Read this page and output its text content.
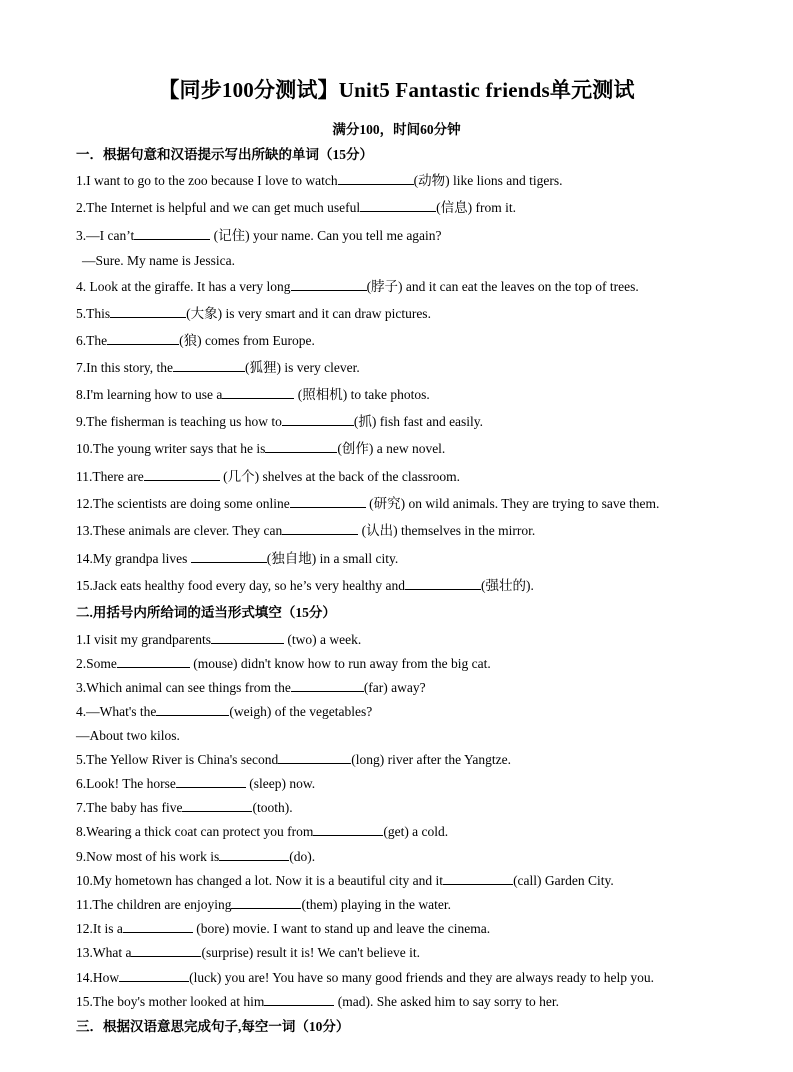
【同步100分测试】Unit5 Fantastic friends单元测试
满分100，时间60分钟
一．根据句意和汉语提示写出所缺的单词（15分）
1.I want to go to the zoo because I love to watch	(动物) like lions and tigers.
2.The Internet is helpful and we can get much useful	(信息) from it.
3.—I can’t	(记住) your name. Can you tell me again?
—Sure. My name is Jessica.
4. Look at the giraffe. It has a very long	(脖子) and it can eat the leaves on the top of trees.
5.This	(大象) is very smart and it can draw pictures.
6.The	(狼) comes from Europe.
7.In this story, the	(狐狸) is very clever.
8.I'm learning how to use a	(照相机) to take photos.
9.The fisherman is teaching us how to	(抓) fish fast and easily.
10.The young writer says that he is	(创作) a new novel.
11.There are	(几个) shelves at the back of the classroom.
12.The scientists are doing some online	(研究) on wild animals. They are trying to save them.
13.These animals are clever. They can	(认出) themselves in the mirror.
14.My grandpa lives	(独自地) in a small city.
15.Jack eats healthy food every day, so he’s very healthy and	(强壮的).
二.用括号内所给词的适当形式填空（15分）
1.I visit my grandparents	(two) a week.
2.Some	(mouse) didn't know how to run away from the big cat.
3.Which animal can see things from the	(far) away?
4.—What's the	(weigh) of the vegetables?
—About two kilos.
5.The Yellow River is China's second	(long) river after the Yangtze.
6.Look! The horse	(sleep) now.
7.The baby has five	(tooth).
8.Wearing a thick coat can protect you from	(get) a cold.
9.Now most of his work is	(do).
10.My hometown has changed a lot. Now it is a beautiful city and it	(call) Garden City.
11.The children are enjoying	(them) playing in the water.
12.It is a	(bore) movie. I want to stand up and leave the cinema.
13.What a	(surprise) result it is! We can't believe it.
14.How	(luck) you are! You have so many good friends and they are always ready to help you.
15.The boy's mother looked at him	(mad). She asked him to say sorry to her.
三．根据汉语意思完成句子,每空一词（10分）
